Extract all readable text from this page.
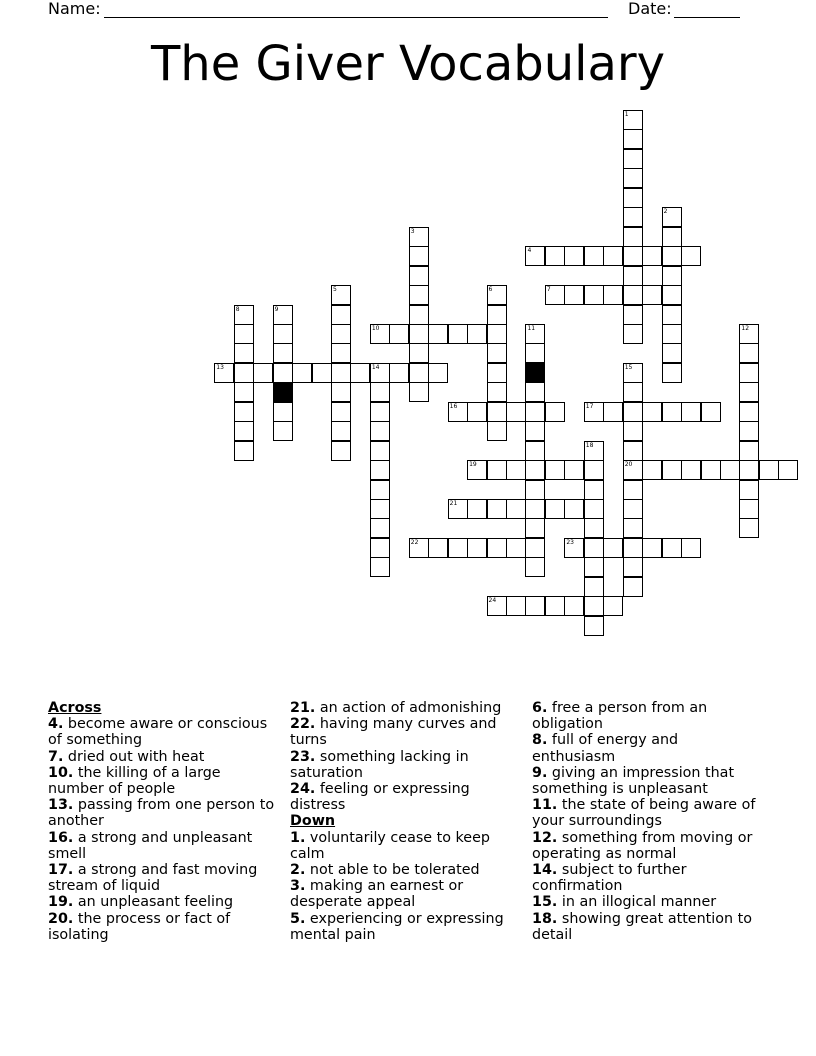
Name:	Date:
The Giver Vocabulary
1
2
3
4
5	6	7
8	9
10	11	12
13	14	15
20
16	17
18
19
21
22	23
24
Across
4. become aware or conscious of something
7. dried out with heat
10. the killing of a large number of people
13. passing from one person to another
16. a strong and unpleasant smell
17. a strong and fast moving stream of liquid
19. an unpleasant feeling
20. the process or fact of isolating
21. an action of admonishing
22. having many curves and turns
23. something lacking in saturation
24. feeling or expressing distress
Down
1. voluntarily cease to keep calm
2. not able to be tolerated
3. making an earnest or desperate appeal
5. experiencing or expressing mental pain
6. free a person from an obligation
8. full of energy and enthusiasm
9. giving an impression that something is unpleasant
11. the state of being aware of your surroundings
12. something from moving or operating as normal
14. subject to further confirmation
15. in an illogical manner
18. showing great attention to detail
